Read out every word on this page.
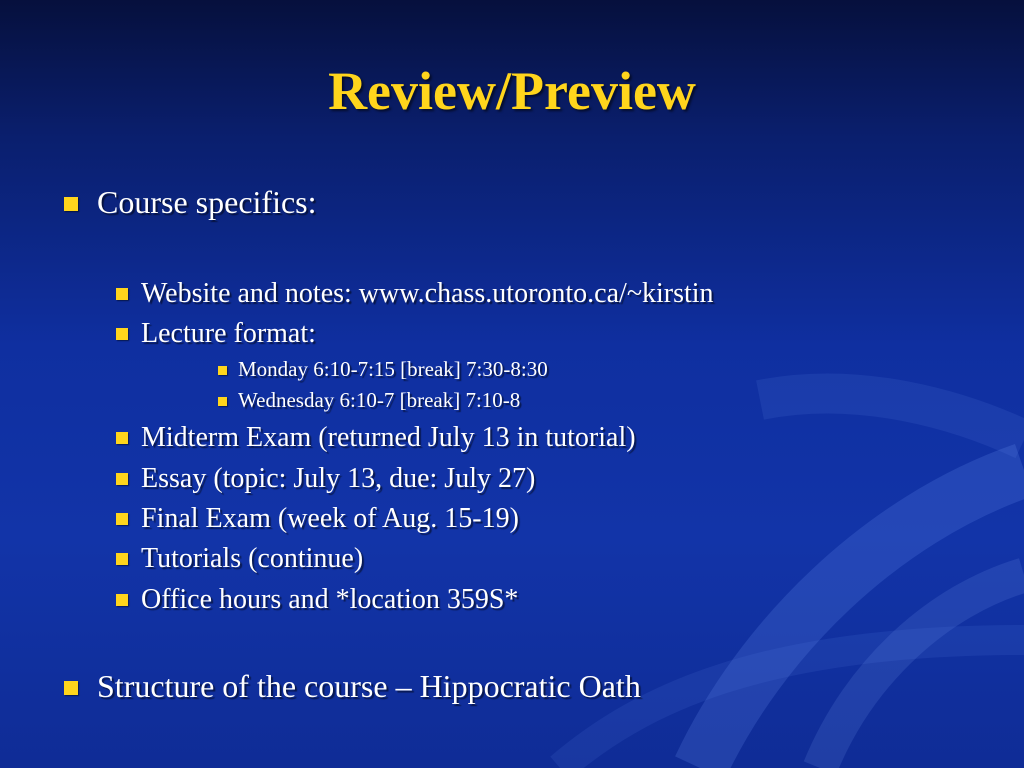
Review/Preview
Course specifics:
Website and notes: www.chass.utoronto.ca/~kirstin
Lecture format:
Monday 6:10-7:15 [break] 7:30-8:30
Wednesday 6:10-7 [break] 7:10-8
Midterm Exam (returned July 13 in tutorial)
Essay (topic: July 13, due: July 27)
Final Exam (week of Aug. 15-19)
Tutorials (continue)
Office hours and *location 359S*
Structure of the course – Hippocratic Oath
